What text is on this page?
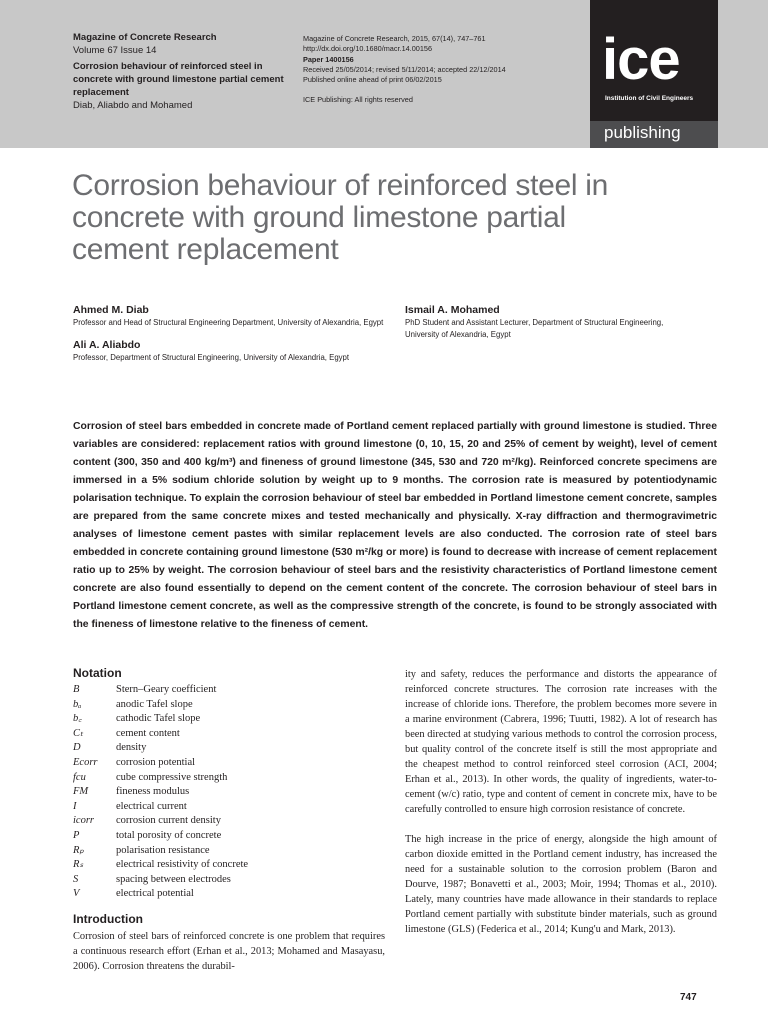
Magazine of Concrete Research
Volume 67 Issue 14
Corrosion behaviour of reinforced steel in concrete with ground limestone partial cement replacement
Diab, Aliabdo and Mohamed
Magazine of Concrete Research, 2015, 67(14), 747–761
http://dx.doi.org/10.1680/macr.14.00156
Paper 1400156
Received 25/05/2014; revised 5/11/2014; accepted 22/12/2014
Published online ahead of print 06/02/2015
ICE Publishing: All rights reserved
ice
Institution of Civil Engineers
publishing
Corrosion behaviour of reinforced steel in concrete with ground limestone partial cement replacement
Ahmed M. Diab
Professor and Head of Structural Engineering Department, University of Alexandria, Egypt
Ali A. Aliabdo
Professor, Department of Structural Engineering, University of Alexandria, Egypt
Ismail A. Mohamed
PhD Student and Assistant Lecturer, Department of Structural Engineering, University of Alexandria, Egypt
Corrosion of steel bars embedded in concrete made of Portland cement replaced partially with ground limestone is studied. Three variables are considered: replacement ratios with ground limestone (0, 10, 15, 20 and 25% of cement by weight), level of cement content (300, 350 and 400 kg/m³) and fineness of ground limestone (345, 530 and 720 m²/kg). Reinforced concrete specimens are immersed in a 5% sodium chloride solution by weight up to 9 months. The corrosion rate is measured by potentiodynamic polarisation technique. To explain the corrosion behaviour of steel bar embedded in Portland limestone cement concrete, samples are prepared from the same concrete mixes and tested mechanically and physically. X-ray diffraction and thermogravimetric analyses of limestone cement pastes with similar replacement levels are also conducted. The corrosion rate of steel bars embedded in concrete containing ground limestone (530 m²/kg or more) is found to decrease with increase of cement replacement ratio up to 25% by weight. The corrosion behaviour of steel bars and the resistivity characteristics of Portland limestone cement concrete are also found essentially to depend on the cement content of the concrete. The corrosion behaviour of steel bars in Portland limestone cement concrete, as well as the compressive strength of the concrete, is found to be strongly associated with the fineness of limestone relative to the fineness of cement.
Notation
B	Stern–Geary coefficient
bₐ	anodic Tafel slope
b꜀	cathodic Tafel slope
Cₜ	cement content
D	density
Ecorr	corrosion potential
fcu	cube compressive strength
FM	fineness modulus
I	electrical current
icorr	corrosion current density
P	total porosity of concrete
Rₚ	polarisation resistance
Rₛ	electrical resistivity of concrete
S	spacing between electrodes
V	electrical potential
Introduction
Corrosion of steel bars of reinforced concrete is one problem that requires a continuous research effort (Erhan et al., 2013; Mohamed and Masayasu, 2006). Corrosion threatens the durabil-
ity and safety, reduces the performance and distorts the appearance of reinforced concrete structures. The corrosion rate increases with the increase of chloride ions. Therefore, the problem becomes more severe in a marine environment (Cabrera, 1996; Tuutti, 1982). A lot of research has been directed at studying various methods to control the corrosion process, but quality control of the concrete itself is still the most appropriate and the cheapest method to control reinforced steel corrosion (ACI, 2004; Erhan et al., 2013). In other words, the quality of ingredients, water-to-cement (w/c) ratio, type and content of cement in concrete mix, have to be carefully controlled to ensure high corrosion resistance of concrete.
The high increase in the price of energy, alongside the high amount of carbon dioxide emitted in the Portland cement industry, has increased the need for a sustainable solution to the corrosion problem (Baron and Dourve, 1987; Bonavetti et al., 2003; Moir, 1994; Thomas et al., 2010). Lately, many countries have made allowance in their standards to replace Portland cement partially with substitute binder materials, such as ground limestone (GLS) (Federica et al., 2014; Kung'u and Mark, 2013).
747
